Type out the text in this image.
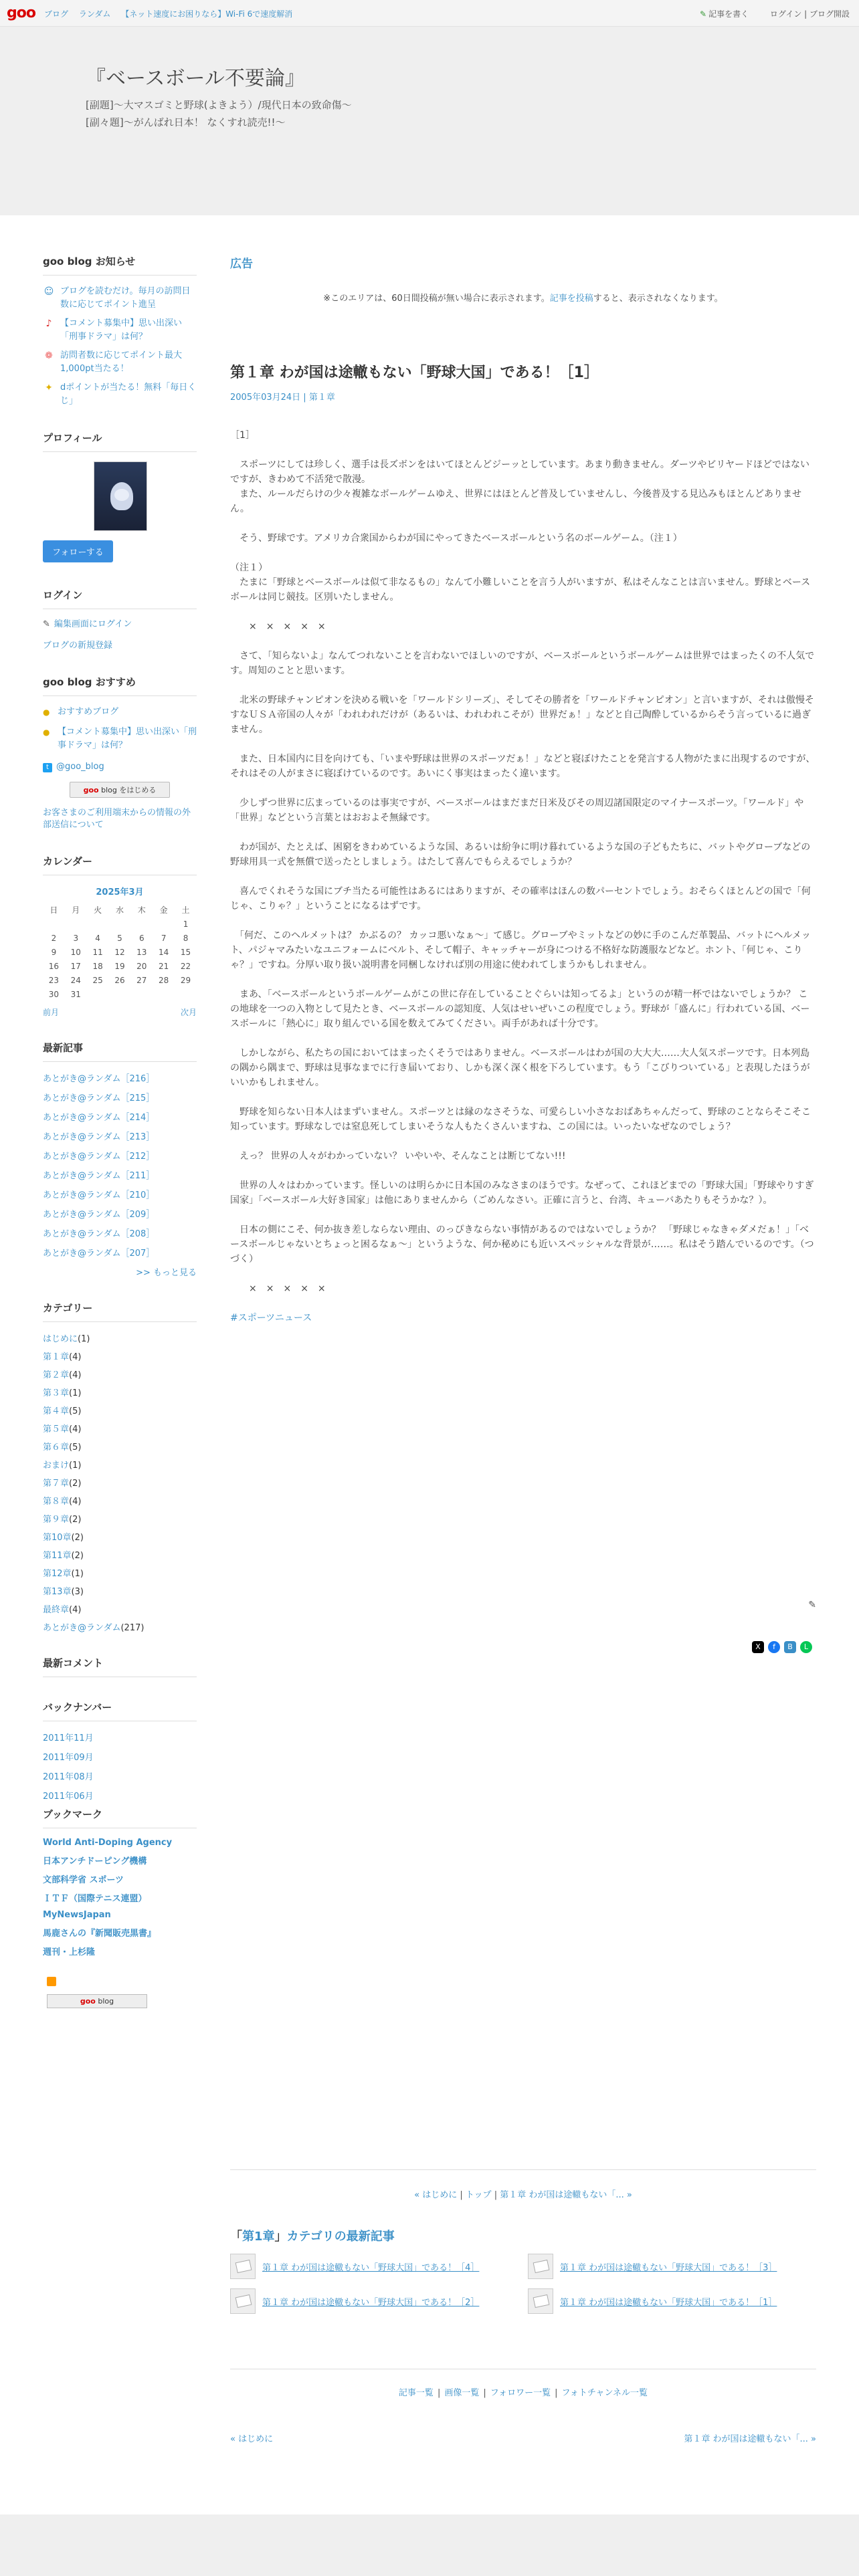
goo ブログ ランダム 【ネット速度にお困りなら】Wi-Fi 6で速度解消	✎ 記事を書く	ログイン | ブログ開設
『ベースボール不要論』
[副題]〜大マスゴミと野球(よきよう）/現代日本の致命傷〜
[副々題]〜がんばれ日本！ なくすれ読売!!〜
goo blog お知らせ
☺ ブログを読むだけ。毎月の訪問日数に応じてポイント進呈
♪ 【コメント募集中】思い出深い「刑事ドラマ」は何？
❁ 訪問者数に応じてポイント最大1,000pt当たる！
✦ dポイントが当たる！無料「毎日くじ」
プロフィール
フォローする
ログイン
✎ 編集画面にログイン
ブログの新規登録
goo blog おすすめ
● おすすめブログ
● 【コメント募集中】思い出深い「刑事ドラマ」は何？
t @goo_blog
goo blog をはじめる
お客さまのご利用端末からの情報の外部送信について
カレンダー
2025年3月
日	月	火	水	木	金	土
						1
2	3	4	5	6	7	8
9	10	11	12	13	14	15
16	17	18	19	20	21	22
23	24	25	26	27	28	29
30	31					
前月	次月
最新記事
あとがき@ランダム［216］
あとがき@ランダム［215］
あとがき@ランダム［214］
あとがき@ランダム［213］
あとがき@ランダム［212］
あとがき@ランダム［211］
あとがき@ランダム［210］
あとがき@ランダム［209］
あとがき@ランダム［208］
あとがき@ランダム［207］
>> もっと見る
カテゴリー
はじめに(1)
第１章(4)
第２章(4)
第３章(1)
第４章(5)
第５章(4)
第６章(5)
おまけ(1)
第７章(2)
第８章(4)
第９章(2)
第10章(2)
第11章(2)
第12章(1)
第13章(3)
最終章(4)
あとがき@ランダム(217)
最新コメント
バックナンバー
2011年11月
2011年09月
2011年08月
2011年06月
ブックマーク
World Anti-Doping Agency
日本アンチドーピング機構
文部科学省 スポーツ
ＩＴＦ（国際テニス連盟）
MyNewsJapan
馬鹿さんの『新聞販売黒書』
週刊・上杉隆
goo blog
広告
※このエリアは、60日間投稿が無い場合に表示されます。記事を投稿すると、表示されなくなります。
第１章 わが国は途轍もない「野球大国」である！［1］
2005年03月24日 | 第１章

［1］

　スポーツにしては珍しく、選手は長ズボンをはいてほとんどジーッとしています。あまり動きません。ダーツやビリヤードほどではないですが、きわめて不活発で散漫。
　また、ルールだらけの少々複雑なボールゲームゆえ、世界にはほとんど普及していませんし、今後普及する見込みもほとんどありません。

　そう、野球です。アメリカ合衆国からわが国にやってきたベースボールという名のボールゲーム。（注１）

（注１）
　たまに「野球とベースボールは似て非なるもの」なんて小難しいことを言う人がいますが、私はそんなことは言いません。野球とベースボールは同じ競技。区別いたしません。

　　×　×　×　×　×

　さて、「知らないよ」なんてつれないことを言わないでほしいのですが、ベースボールというボールゲームは世界ではまったくの不人気です。周知のことと思います。

　北米の野球チャンピオンを決める戦いを「ワールドシリーズ」、そしてその勝者を「ワールドチャンピオン」と言いますが、それは傲慢そすなＵＳＡ帝国の人々が「われわれだけが（あるいは、われわれこそが）世界だぁ！」などと自己陶酔しているからそう言っているに過ぎません。

　また、日本国内に目を向けても、「いまや野球は世界のスポーツだぁ！」などと寝ぼけたことを発言する人物がたまに出現するのですが、それはその人がまさに寝ぼけているのです。あいにく事実はまったく違います。

　少しずつ世界に広まっているのは事実ですが、ベースボールはまだまだ日米及びその周辺諸国限定のマイナースポーツ。「ワールド」や「世界」などという言葉とはおおよそ無縁です。

　わが国が、たとえば、困窮をきわめているような国、あるいは紛争に明け暮れているような国の子どもたちに、バットやグローブなどの野球用具一式を無償で送ったとしましょう。はたして喜んでもらえるでしょうか？

　喜んでくれそうな国にブチ当たる可能性はあるにはありますが、その確率はほんの数パーセントでしょう。おそらくほとんどの国で「何じゃ、こりゃ？」ということになるはずです。

　「何だ、このヘルメットは？ かぶるの？ カッコ悪いなぁ〜」て感じ。グローブやミットなどの妙に手のこんだ革製品、バットにヘルメット、パジャマみたいなユニフォームにベルト、そして帽子、キャッチャーが身につける不格好な防護服などなど。ホント、「何じゃ、こりゃ？」ですね。分厚い取り扱い説明書を同梱しなければ別の用途に使われてしまうかもしれません。

　まあ、「ベースボールというボールゲームがこの世に存在していることぐらいは知ってるよ」というのが精一杯ではないでしょうか？ この地球を一つの入物として見たとき、ベースボールの認知度、人気はせいぜいこの程度でしょう。野球が「盛んに」行われている国、ベースボールに「熱心に」取り組んでいる国を数えてみてください。両手があれば十分です。

　しかしながら、私たちの国においてはまったくそうではありません。ベースボールはわが国の大大大……大人気スポーツです。日本列島の隅から隅まで、野球は見事なまでに行き届いており、しかも深く深く根を下ろしています。もう「こびりついている」と表現したほうがいいかもしれません。

　野球を知らない日本人はまずいません。スポーツとは縁のなさそうな、可愛らしい小さなおばあちゃんだって、野球のことならそこそこ知っています。野球なしでは窒息死してしまいそうな人もたくさんいますね、この国には。いったいなぜなのでしょう？

　えっ？ 世界の人々がわかっていない？ いやいや、そんなことは断じてない!!!

　世界の人々はわかっています。怪しいのは明らかに日本国のみなさまのほうです。なぜって、これほどまでの「野球大国」「野球やりすぎ国家」「ベースボール大好き国家」は他にありませんから（ごめんなさい。正確に言うと、台湾、キューバあたりもそうかな？）。

　日本の側にこそ、何か抜き差しならない理由、のっぴきならない事情があるのではないでしょうか？ 「野球じゃなきゃダメだぁ！」「ベースボールじゃないとちょっと困るなぁ〜」というような、何か秘めにも近いスペッシャルな背景が……。私はそう踏んでいるのです。（つづく）

　　×　×　×　×　×

#スポーツニュース
✎
X	f	B	L
« はじめに | トップ | 第１章 わが国は途轍もない「... »
「第1章」カテゴリの最新記事
第１章 わが国は途轍もない「野球大国」である！［4］	第１章 わが国は途轍もない「野球大国」である！［3］
第１章 わが国は途轍もない「野球大国」である！［2］	第１章 わが国は途轍もない「野球大国」である！［1］
記事一覧 | 画像一覧 | フォロワー一覧 | フォトチャンネル一覧
« はじめに	第１章 わが国は途轍もない「... »
